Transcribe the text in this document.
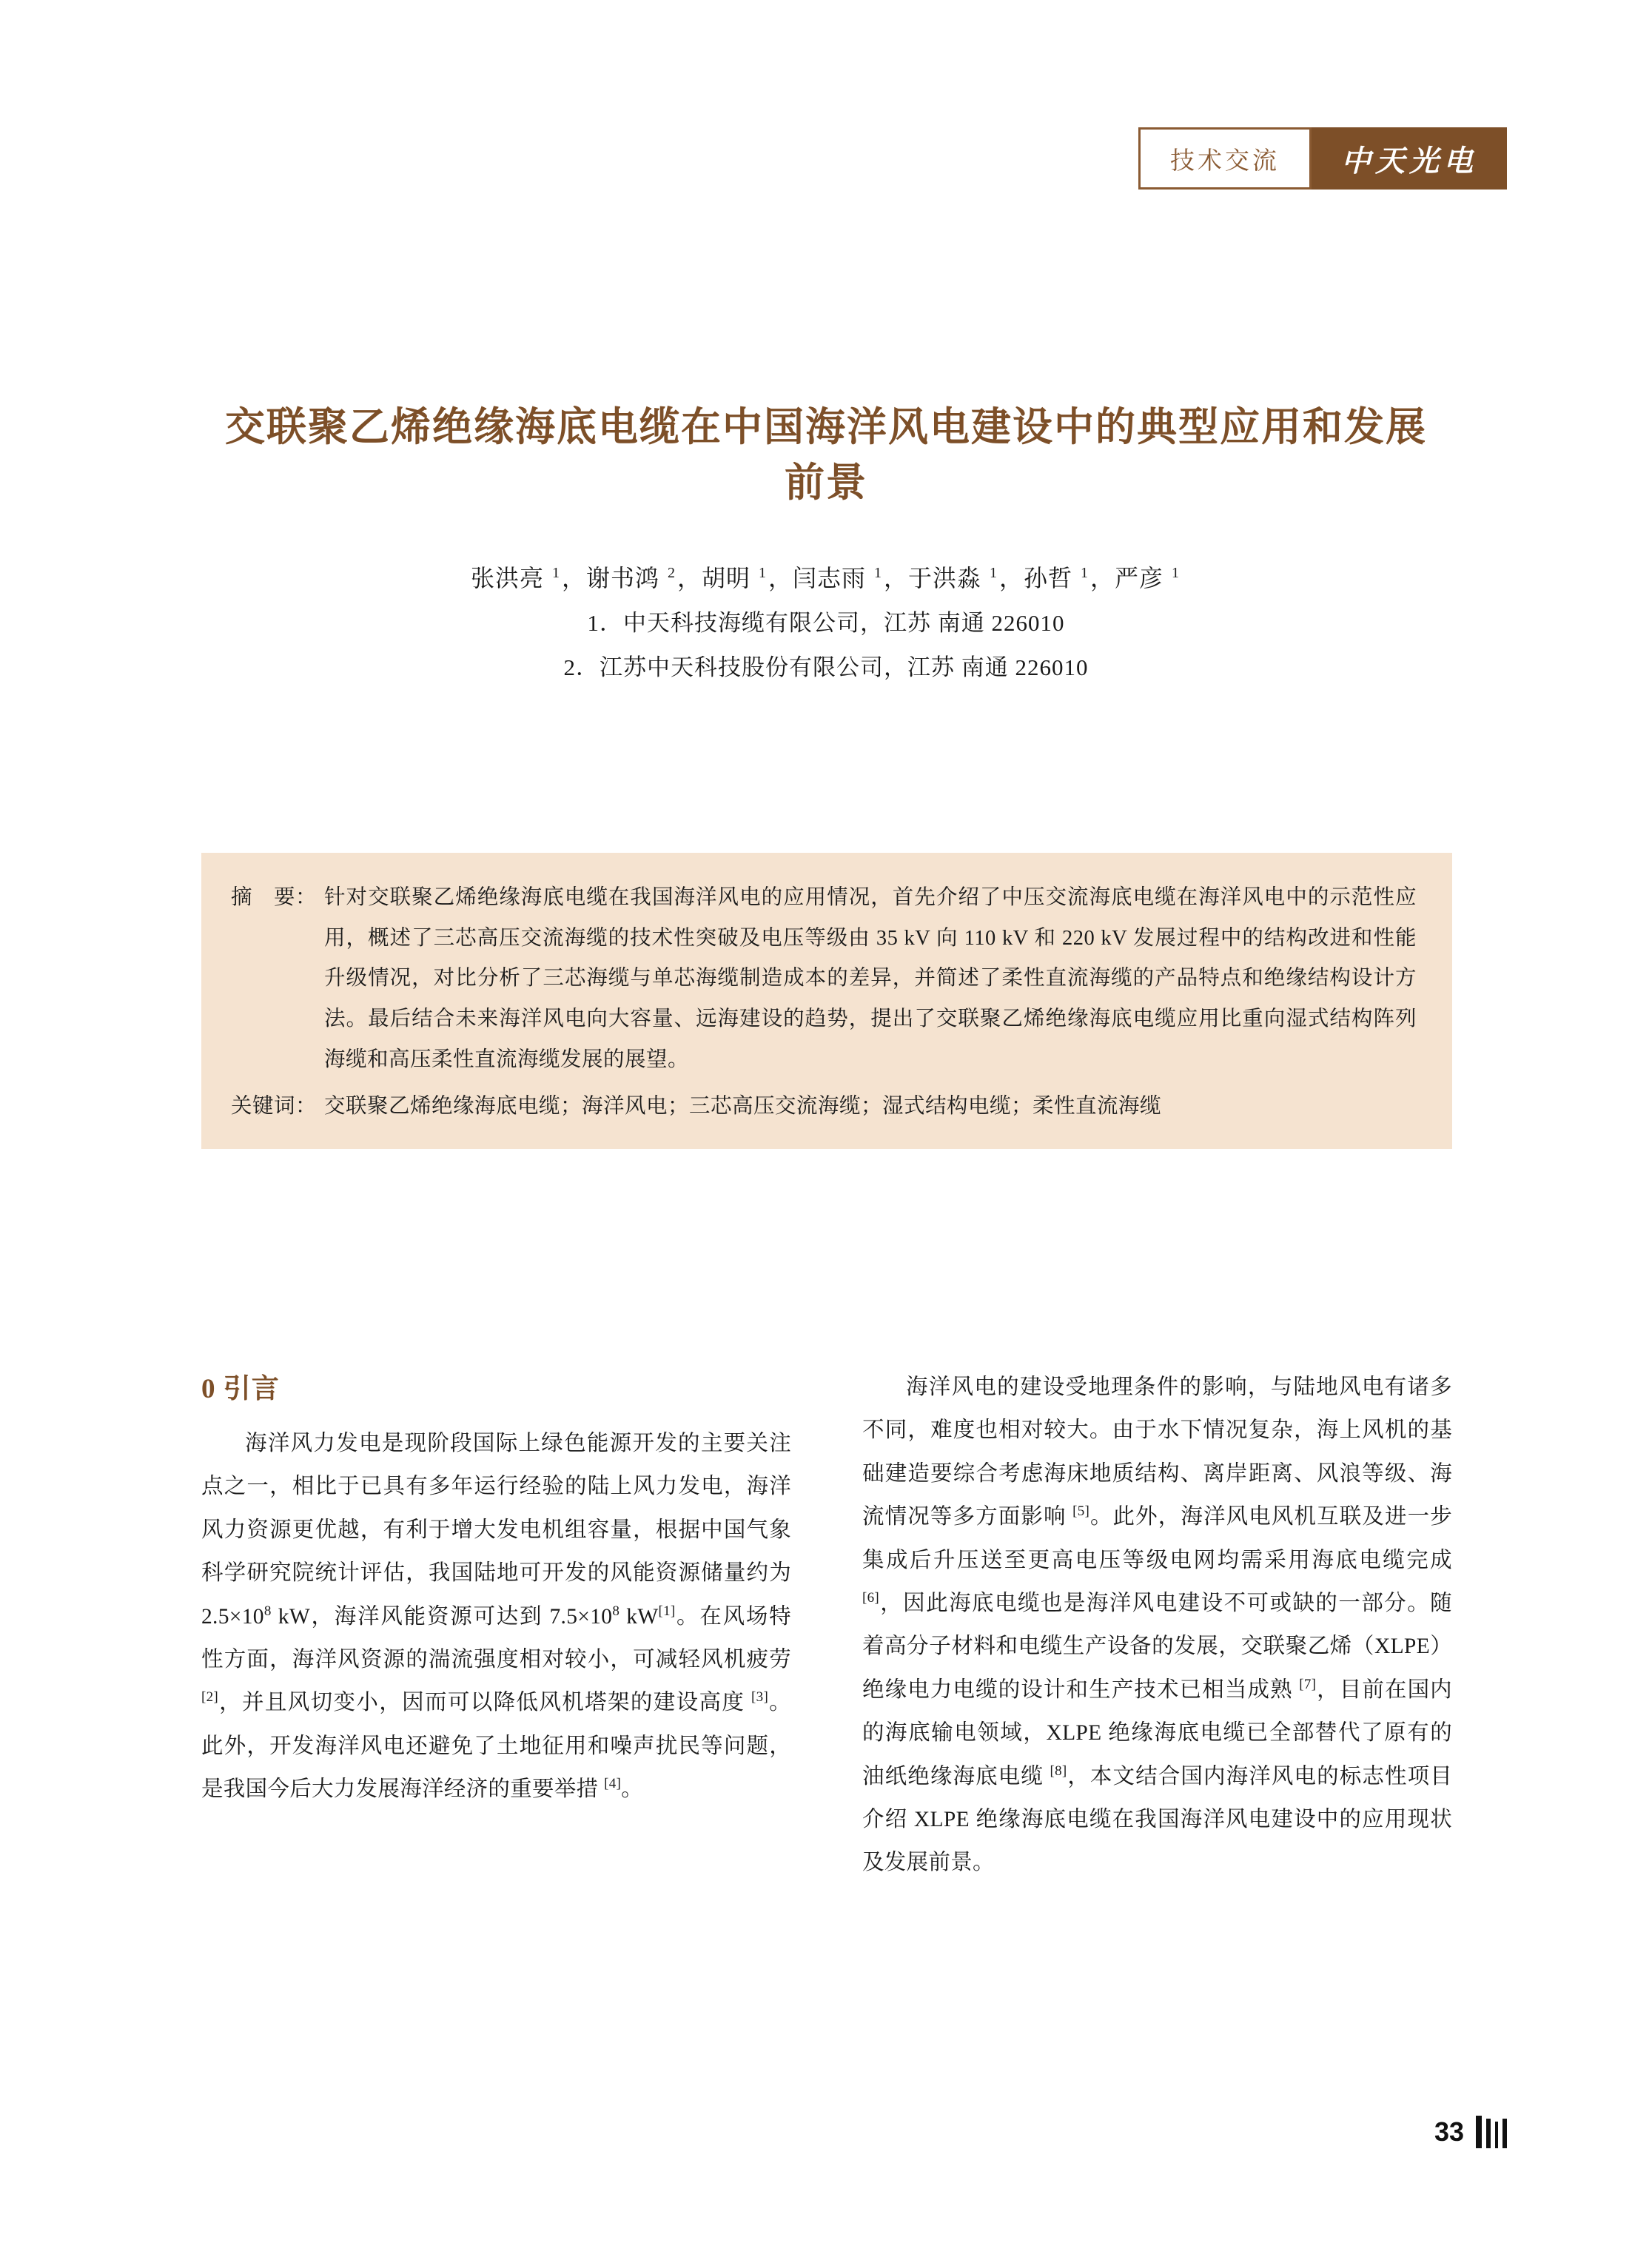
技术交流	中天光电
交联聚乙烯绝缘海底电缆在中国海洋风电建设中的典型应用和发展前景
张洪亮 $^1$，谢书鸿 $^2$，胡明 $^1$，闫志雨 $^1$，于洪淼 $^1$，孙哲 $^1$，严彦 $^1$
1．中天科技海缆有限公司，江苏 南通 226010
2．江苏中天科技股份有限公司，江苏 南通 226010
摘　要： 针对交联聚乙烯绝缘海底电缆在我国海洋风电的应用情况，首先介绍了中压交流海底电缆在海洋风电中的示范性应用，概述了三芯高压交流海缆的技术性突破及电压等级由 35 kV 向 110 kV 和 220 kV 发展过程中的结构改进和性能升级情况，对比分析了三芯海缆与单芯海缆制造成本的差异，并简述了柔性直流海缆的产品特点和绝缘结构设计方法。最后结合未来海洋风电向大容量、远海建设的趋势，提出了交联聚乙烯绝缘海底电缆应用比重向湿式结构阵列海缆和高压柔性直流海缆发展的展望。
关键词： 交联聚乙烯绝缘海底电缆；海洋风电；三芯高压交流海缆；湿式结构电缆；柔性直流海缆
0 引言

海洋风力发电是现阶段国际上绿色能源开发的主要关注点之一，相比于已具有多年运行经验的陆上风力发电，海洋风力资源更优越，有利于增大发电机组容量，根据中国气象科学研究院统计评估，我国陆地可开发的风能资源储量约为 2.5×10$^8$ kW，海洋风能资源可达到 7.5×10$^8$ kW[1]。在风场特性方面，海洋风资源的湍流强度相对较小，可减轻风机疲劳 [2]，并且风切变小，因而可以降低风机塔架的建设高度 [3]。此外，开发海洋风电还避免了土地征用和噪声扰民等问题，是我国今后大力发展海洋经济的重要举措 [4]。

海洋风电的建设受地理条件的影响，与陆地风电有诸多不同，难度也相对较大。由于水下情况复杂，海上风机的基础建造要综合考虑海床地质结构、离岸距离、风浪等级、海流情况等多方面影响 [5]。此外，海洋风电风机互联及进一步集成后升压送至更高电压等级电网均需采用海底电缆完成 [6]，因此海底电缆也是海洋风电建设不可或缺的一部分。随着高分子材料和电缆生产设备的发展，交联聚乙烯（XLPE）绝缘电力电缆的设计和生产技术已相当成熟 [7]，目前在国内的海底输电领域，XLPE 绝缘海底电缆已全部替代了原有的油纸绝缘海底电缆 [8]，本文结合国内海洋风电的标志性项目介绍 XLPE 绝缘海底电缆在我国海洋风电建设中的应用现状及发展前景。

33
